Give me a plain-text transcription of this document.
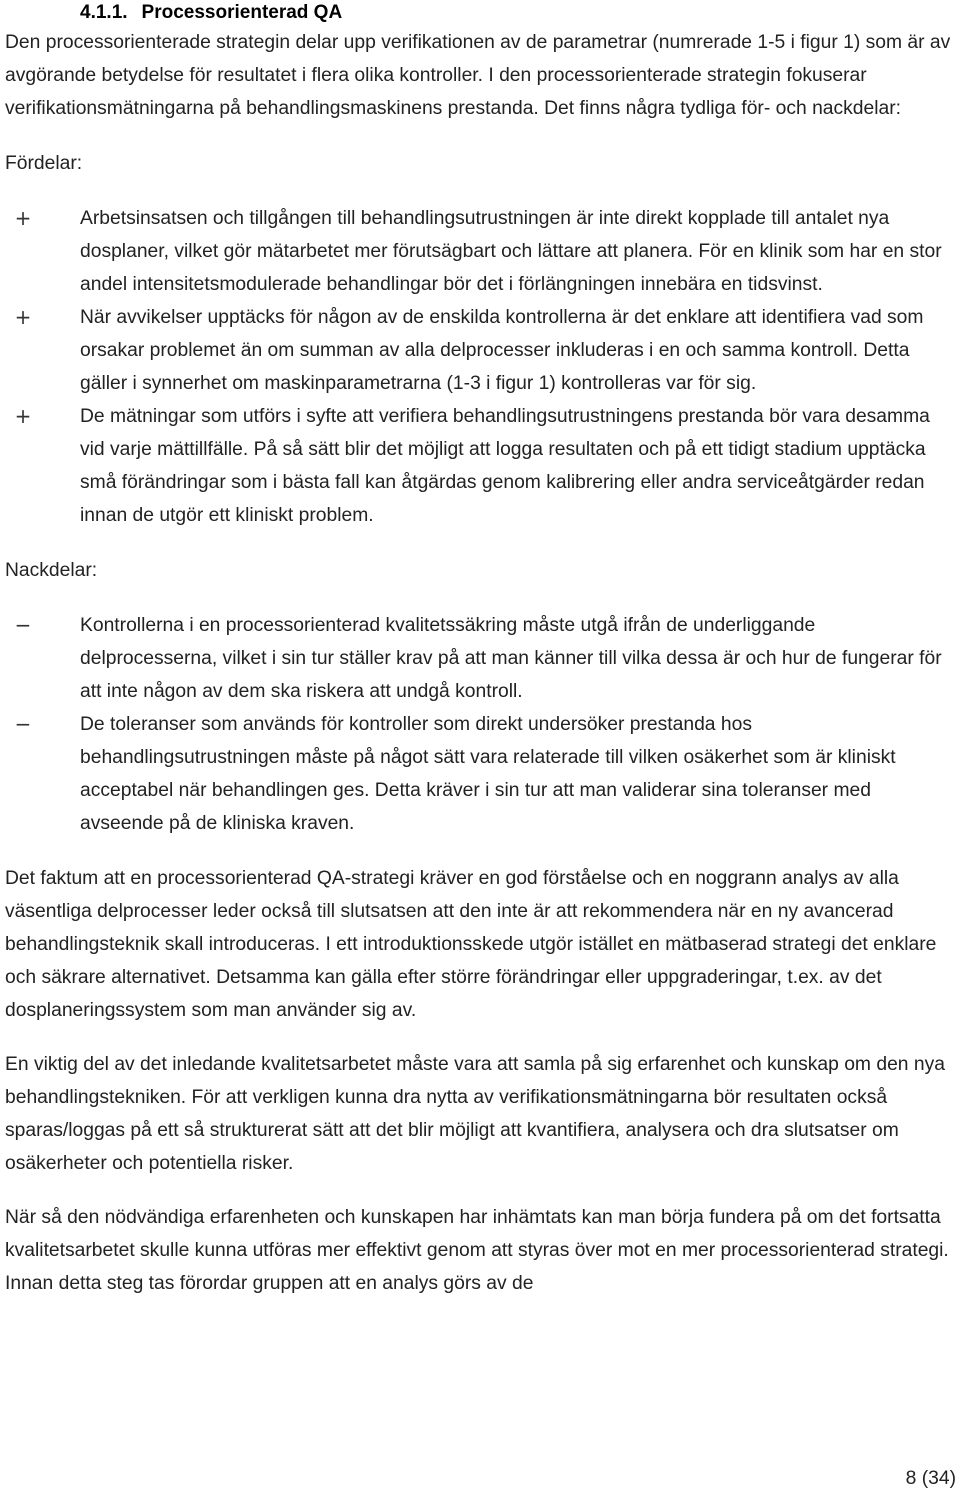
4.1.1. Processorienterad QA

Den processorienterade strategin delar upp verifikationen av de parametrar (numrerade 1-5 i figur 1) som är av avgörande betydelse för resultatet i flera olika kontroller. I den processorienterade strategin fokuserar verifikationsmätningarna på behandlingsmaskinens prestanda. Det finns några tydliga för- och nackdelar:

Fördelar:

+	Arbetsinsatsen och tillgången till behandlingsutrustningen är inte direkt kopplade till antalet nya dosplaner, vilket gör mätarbetet mer förutsägbart och lättare att planera. För en klinik som har en stor andel intensitetsmodulerade behandlingar bör det i förlängningen innebära en tidsvinst.
+	När avvikelser upptäcks för någon av de enskilda kontrollerna är det enklare att identifiera vad som orsakar problemet än om summan av alla delprocesser inkluderas i en och samma kontroll. Detta gäller i synnerhet om maskinparametrarna (1-3 i figur 1) kontrolleras var för sig.
+	De mätningar som utförs i syfte att verifiera behandlingsutrustningens prestanda bör vara desamma vid varje mättillfälle. På så sätt blir det möjligt att logga resultaten och på ett tidigt stadium upptäcka små förändringar som i bästa fall kan åtgärdas genom kalibrering eller andra serviceåtgärder redan innan de utgör ett kliniskt problem.

Nackdelar:

−	Kontrollerna i en processorienterad kvalitetssäkring måste utgå ifrån de underliggande delprocesserna, vilket i sin tur ställer krav på att man känner till vilka dessa är och hur de fungerar för att inte någon av dem ska riskera att undgå kontroll.
−	De toleranser som används för kontroller som direkt undersöker prestanda hos behandlingsutrustningen måste på något sätt vara relaterade till vilken osäkerhet som är kliniskt acceptabel när behandlingen ges. Detta kräver i sin tur att man validerar sina toleranser med avseende på de kliniska kraven.

Det faktum att en processorienterad QA-strategi kräver en god förståelse och en noggrann analys av alla väsentliga delprocesser leder också till slutsatsen att den inte är att rekommendera när en ny avancerad behandlingsteknik skall introduceras. I ett introduktionsskede utgör istället en mätbaserad strategi det enklare och säkrare alternativet. Detsamma kan gälla efter större förändringar eller uppgraderingar, t.ex. av det dosplaneringssystem som man använder sig av.

En viktig del av det inledande kvalitetsarbetet måste vara att samla på sig erfarenhet och kunskap om den nya behandlingstekniken. För att verkligen kunna dra nytta av verifikationsmätningarna bör resultaten också sparas/loggas på ett så strukturerat sätt att det blir möjligt att kvantifiera, analysera och dra slutsatser om osäkerheter och potentiella risker.

När så den nödvändiga erfarenheten och kunskapen har inhämtats kan man börja fundera på om det fortsatta kvalitetsarbetet skulle kunna utföras mer effektivt genom att styras över mot en mer processorienterad strategi. Innan detta steg tas förordar gruppen att en analys görs av de

8 (34)
